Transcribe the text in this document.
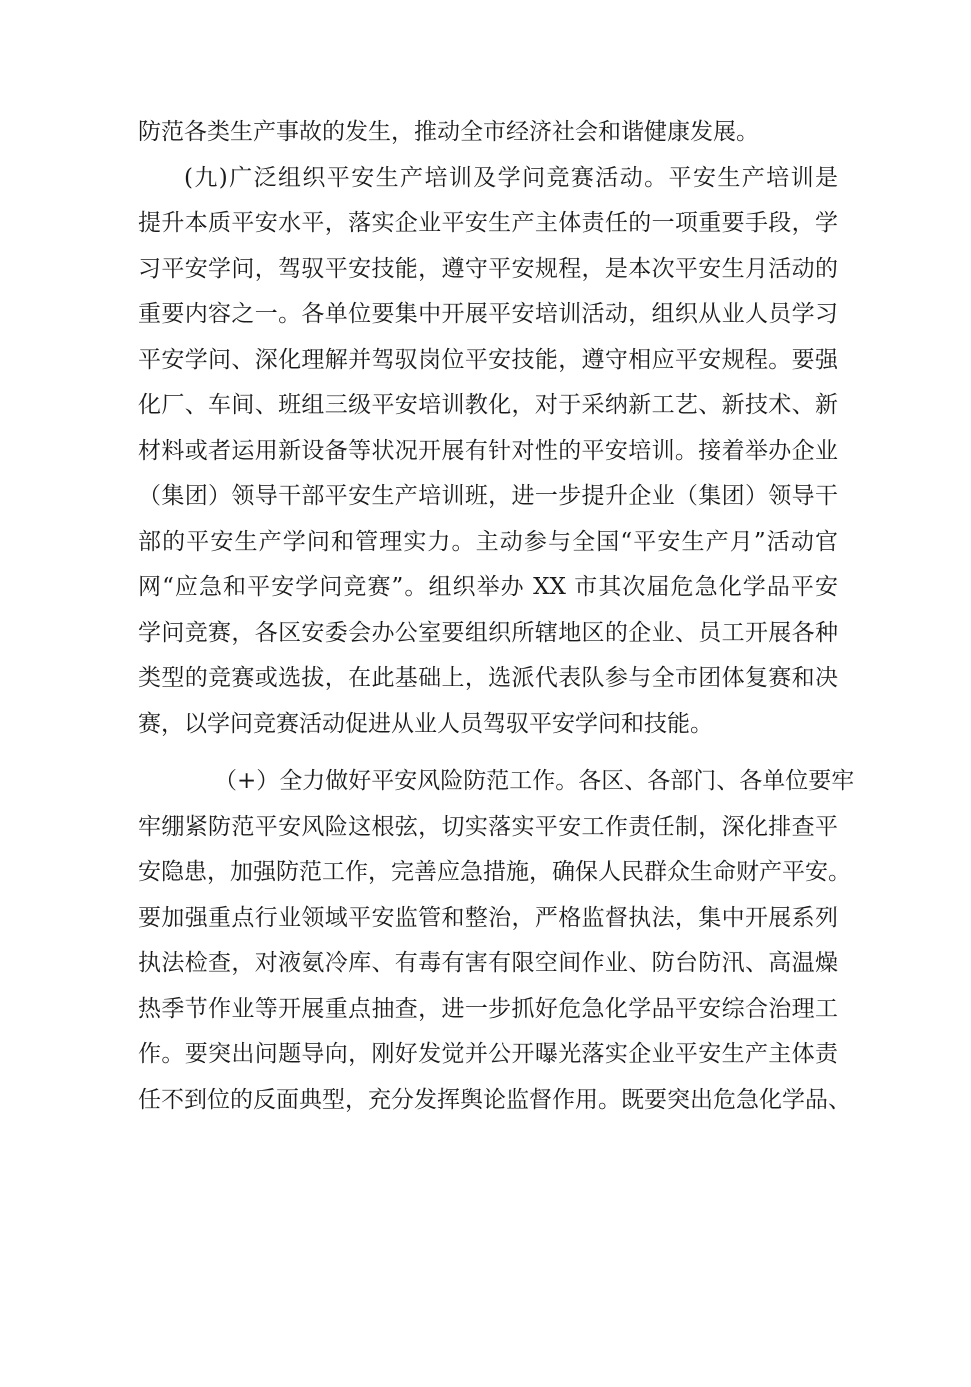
防范各类生产事故的发生，推动全市经济社会和谐健康发展。
(九)广泛组织平安生产培训及学问竞赛活动。平安生产培训是
提升本质平安水平，落实企业平安生产主体责任的一项重要手段，学
习平安学问，驾驭平安技能，遵守平安规程，是本次平安生月活动的
重要内容之一。各单位要集中开展平安培训活动，组织从业人员学习
平安学问、深化理解并驾驭岗位平安技能，遵守相应平安规程。要强
化厂、车间、班组三级平安培训教化，对于采纳新工艺、新技术、新
材料或者运用新设备等状况开展有针对性的平安培训。接着举办企业
（集团）领导干部平安生产培训班，进一步提升企业（集团）领导干
部的平安生产学问和管理实力。主动参与全国“平安生产月”活动官
网“应急和平安学问竞赛”。组织举办 XX 市其次届危急化学品平安
学问竞赛，各区安委会办公室要组织所辖地区的企业、员工开展各种
类型的竞赛或选拔，在此基础上，选派代表队参与全市团体复赛和决
赛，以学问竞赛活动促进从业人员驾驭平安学问和技能。
（+）全力做好平安风险防范工作。各区、各部门、各单位要牢
牢绷紧防范平安风险这根弦，切实落实平安工作责任制，深化排查平
安隐患，加强防范工作，完善应急措施，确保人民群众生命财产平安。
要加强重点行业领域平安监管和整治，严格监督执法，集中开展系列
执法检查，对液氨冷库、有毒有害有限空间作业、防台防汛、高温燥
热季节作业等开展重点抽查，进一步抓好危急化学品平安综合治理工
作。要突出问题导向，刚好发觉并公开曝光落实企业平安生产主体责
任不到位的反面典型，充分发挥舆论监督作用。既要突出危急化学品、
